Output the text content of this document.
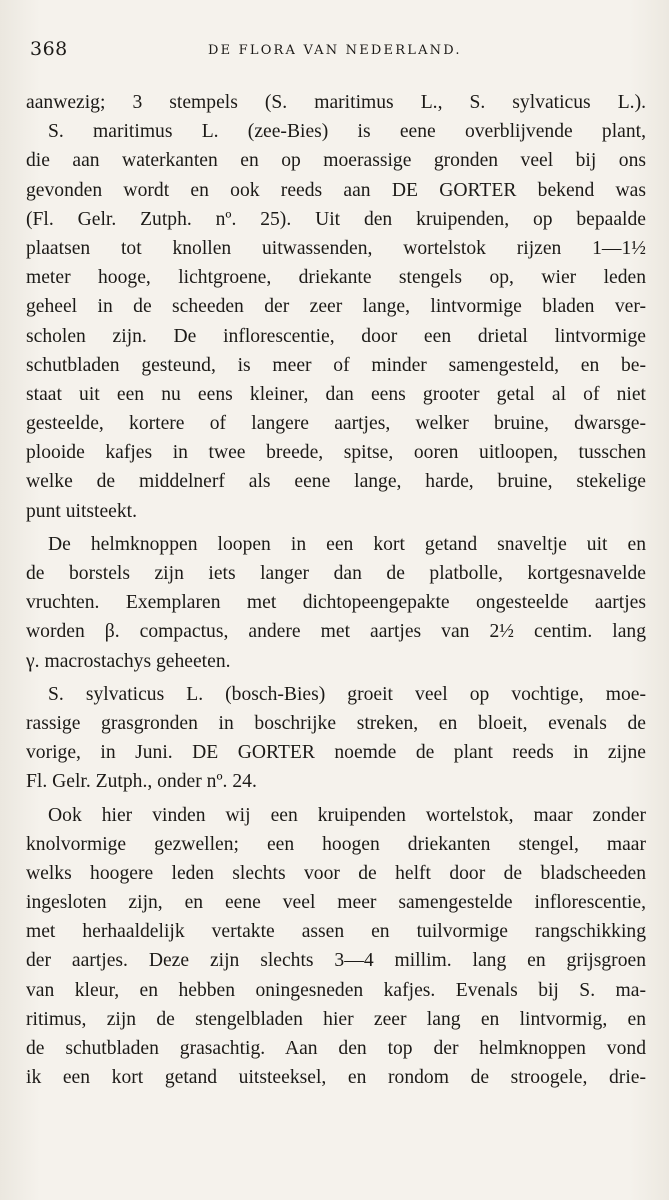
368	DE FLORA VAN NEDERLAND.
aanwezig; 3 stempels (S. maritimus L., S. sylvaticus L.).
S. maritimus L. (zee-Bies) is eene overblijvende plant,
die aan waterkanten en op moerassige gronden veel bij ons
gevonden wordt en ook reeds aan DE GORTER bekend was
(Fl. Gelr. Zutph. nº. 25). Uit den kruipenden, op bepaalde
plaatsen tot knollen uitwassenden, wortelstok rijzen 1—1½
meter hooge, lichtgroene, driekante stengels op, wier leden
geheel in de scheeden der zeer lange, lintvormige bladen ver-
scholen zijn. De inflorescentie, door een drietal lintvormige
schutbladen gesteund, is meer of minder samengesteld, en be-
staat uit een nu eens kleiner, dan eens grooter getal al of niet
gesteelde, kortere of langere aartjes, welker bruine, dwarsge-
plooide kafjes in twee breede, spitse, ooren uitloopen, tusschen
welke de middelnerf als eene lange, harde, bruine, stekelige
punt uitsteekt.
De helmknoppen loopen in een kort getand snaveltje uit en
de borstels zijn iets langer dan de platbolle, kortgesnavelde
vruchten. Exemplaren met dichtopeengepakte ongesteelde aartjes
worden β. compactus, andere met aartjes van 2½ centim. lang
γ. macrostachys geheeten.
S. sylvaticus L. (bosch-Bies) groeit veel op vochtige, moe-
rassige grasgronden in boschrijke streken, en bloeit, evenals de
vorige, in Juni. DE GORTER noemde de plant reeds in zijne
Fl. Gelr. Zutph., onder nº. 24.
Ook hier vinden wij een kruipenden wortelstok, maar zonder
knolvormige gezwellen; een hoogen driekanten stengel, maar
welks hoogere leden slechts voor de helft door de bladscheeden
ingesloten zijn, en eene veel meer samengestelde inflorescentie,
met herhaaldelijk vertakte assen en tuilvormige rangschikking
der aartjes. Deze zijn slechts 3—4 millim. lang en grijsgroen
van kleur, en hebben oningesneden kafjes. Evenals bij S. ma-
ritimus, zijn de stengelbladen hier zeer lang en lintvormig, en
de schutbladen grasachtig. Aan den top der helmknoppen vond
ik een kort getand uitsteeksel, en rondom de stroogele, drie-
